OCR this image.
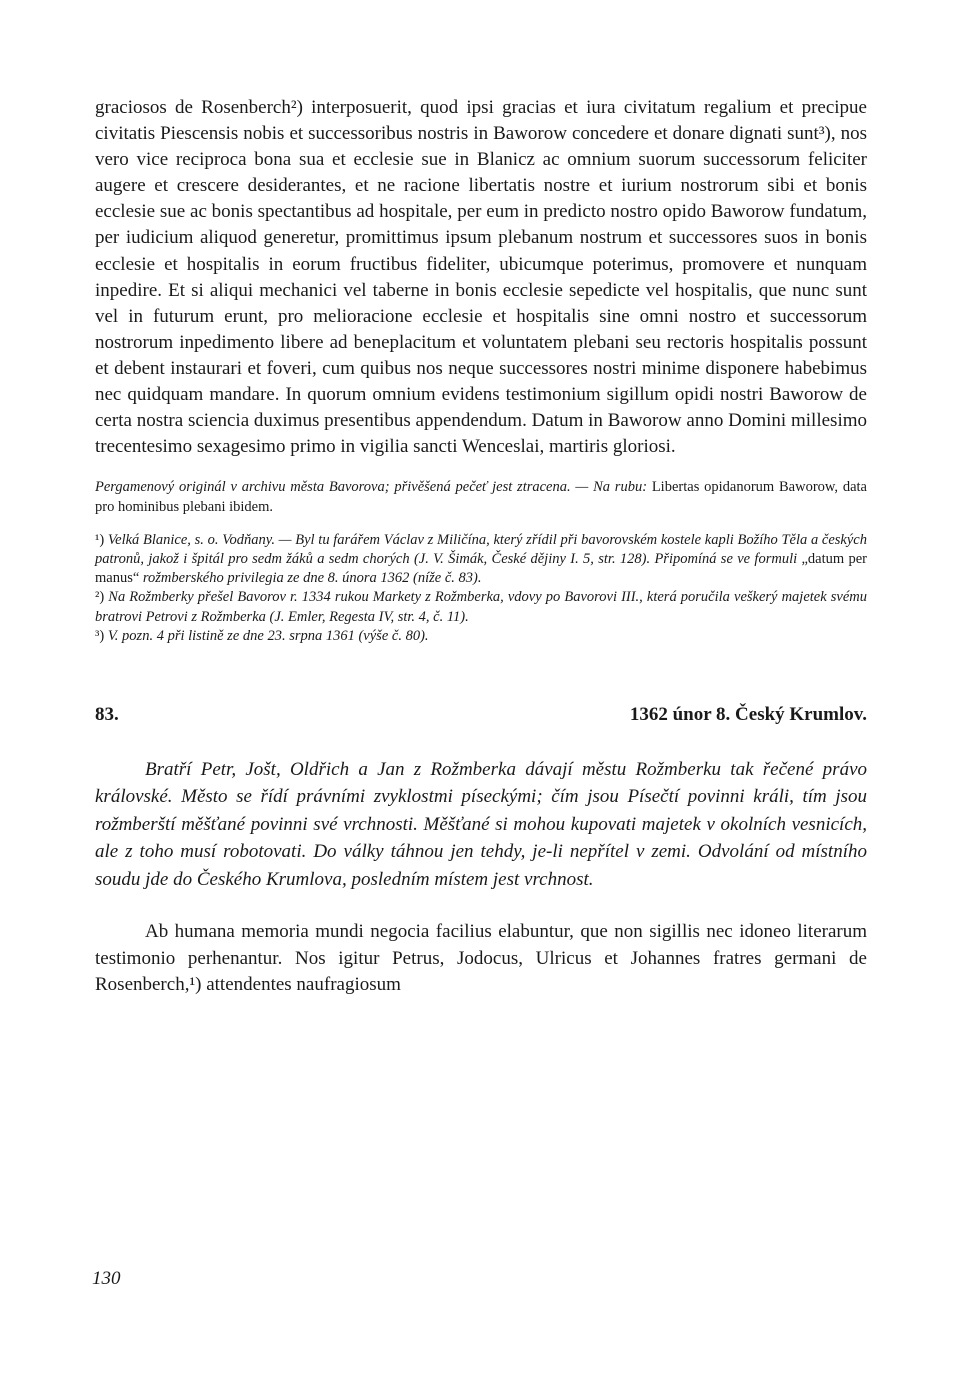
graciosos de Rosenberch²) interposuerit, quod ipsi gracias et iura civitatum regalium et precipue civitatis Piescensis nobis et successoribus nostris in Baworow concedere et donare dignati sunt³), nos vero vice reciproca bona sua et ecclesie sue in Blanicz ac omnium suorum successorum feliciter augere et crescere desiderantes, et ne racione libertatis nostre et iurium nostrorum sibi et bonis ecclesie sue ac bonis spectantibus ad hospitale, per eum in predicto nostro opido Baworow fundatum, per iudicium aliquod generetur, promittimus ipsum plebanum nostrum et successores suos in bonis ecclesie et hospitalis in eorum fructibus fideliter, ubicumque poterimus, promovere et nunquam inpedire. Et si aliqui mechanici vel taberne in bonis ecclesie sepedicte vel hospitalis, que nunc sunt vel in futurum erunt, pro melioracione ecclesie et hospitalis sine omni nostro et successorum nostrorum inpedimento libere ad beneplacitum et voluntatem plebani seu rectoris hospitalis possunt et debent instaurari et foveri, cum quibus nos neque successores nostri minime disponere habebimus nec quidquam mandare. In quorum omnium evidens testimonium sigillum opidi nostri Baworow de certa nostra sciencia duximus presentibus appendendum. Datum in Baworow anno Domini millesimo trecentesimo sexagesimo primo in vigilia sancti Wenceslai, martiris gloriosi.

Pergamenový originál v archivu města Bavorova; přivěšená pečeť jest ztracena. — Na rubu: Libertas opidanorum Baworow, data pro hominibus plebani ibidem.

¹) Velká Blanice, s. o. Vodňany. — Byl tu farářem Václav z Miličína, který zřídil při bavorovském kostele kapli Božího Těla a českých patronů, jakož i špitál pro sedm žáků a sedm chorých (J. V. Šimák, České dějiny I. 5, str. 128). Připomíná se ve formuli „datum per manus“ rožmberského privilegia ze dne 8. února 1362 (níže č. 83).

²) Na Rožmberky přešel Bavorov r. 1334 rukou Markety z Rožmberka, vdovy po Bavorovi III., která poručila veškerý majetek svému bratrovi Petrovi z Rožmberka (J. Emler, Regesta IV, str. 4, č. 11).

³) V. pozn. 4 při listině ze dne 23. srpna 1361 (výše č. 80).

83.	1362 únor 8. Český Krumlov.

Bratří Petr, Jošt, Oldřich a Jan z Rožmberka dávají městu Rožmberku tak řečené právo královské. Město se řídí právními zvyklostmi píseckými; čím jsou Písečtí povinni králi, tím jsou rožmberští měšťané povinni své vrchnosti. Měšťané si mohou kupovati majetek v okolních vesnicích, ale z toho musí robotovati. Do války táhnou jen tehdy, je-li nepřítel v zemi. Odvolání od místního soudu jde do Českého Krumlova, posledním místem jest vrchnost.

Ab humana memoria mundi negocia facilius elabuntur, que non sigillis nec idoneo literarum testimonio perhenantur. Nos igitur Petrus, Jodocus, Ulricus et Johannes fratres germani de Rosenberch,¹) attendentes naufragiosum

130
